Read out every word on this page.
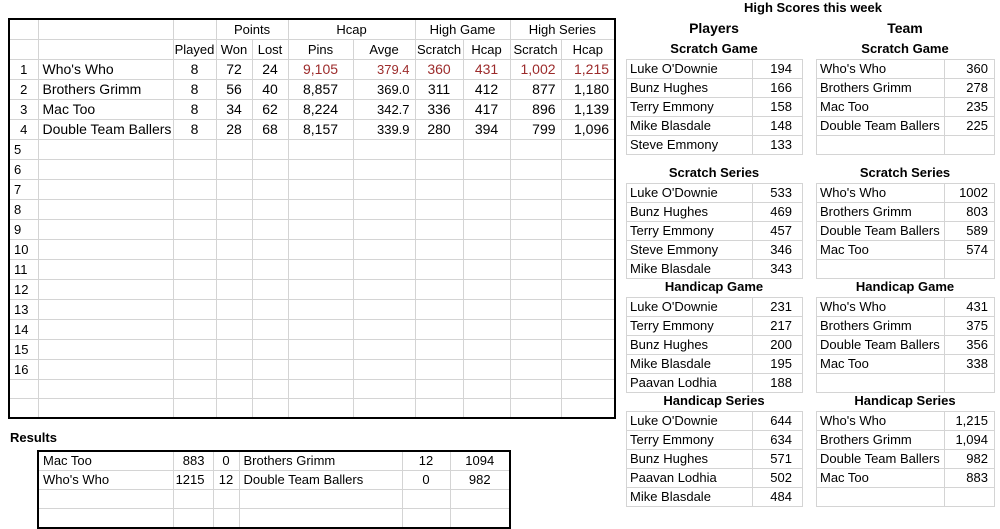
			Points		Hcap		High Game		High Series	
		Played	Won	Lost	Pins	Avge	Scratch	Hcap	Scratch	Hcap
1	Who's Who	8	72	24	9,105	379.4	360	431	1,002	1,215
2	Brothers Grimm	8	56	40	8,857	369.0	311	412	877	1,180
3	Mac Too	8	34	62	8,224	342.7	336	417	896	1,139
4	Double Team Ballers	8	28	68	8,157	339.9	280	394	799	1,096
5										
6										
7										
8										
9										
10										
11										
12										
13										
14										
15										
16										

Results
Mac Too	883	0	Brothers Grimm	12	1094
Who's Who	1215	12	Double Team Ballers	0	982

High Scores this week
Players	Team
Scratch Game
Luke O'Downie	194
Bunz Hughes	166
Terry Emmony	158
Mike Blasdale	148
Steve Emmony	133
Scratch Game
Who's Who	360
Brothers Grimm	278
Mac Too	235
Double Team Ballers	225

Scratch Series
Luke O'Downie	533
Bunz Hughes	469
Terry Emmony	457
Steve Emmony	346
Mike Blasdale	343
Scratch Series
Who's Who	1002
Brothers Grimm	803
Double Team Ballers	589
Mac Too	574

Handicap Game
Luke O'Downie	231
Terry Emmony	217
Bunz Hughes	200
Mike Blasdale	195
Paavan Lodhia	188
Handicap Game
Who's Who	431
Brothers Grimm	375
Double Team Ballers	356
Mac Too	338

Handicap Series
Luke O'Downie	644
Terry Emmony	634
Bunz Hughes	571
Paavan Lodhia	502
Mike Blasdale	484
Handicap Series
Who's Who	1,215
Brothers Grimm	1,094
Double Team Ballers	982
Mac Too	883
